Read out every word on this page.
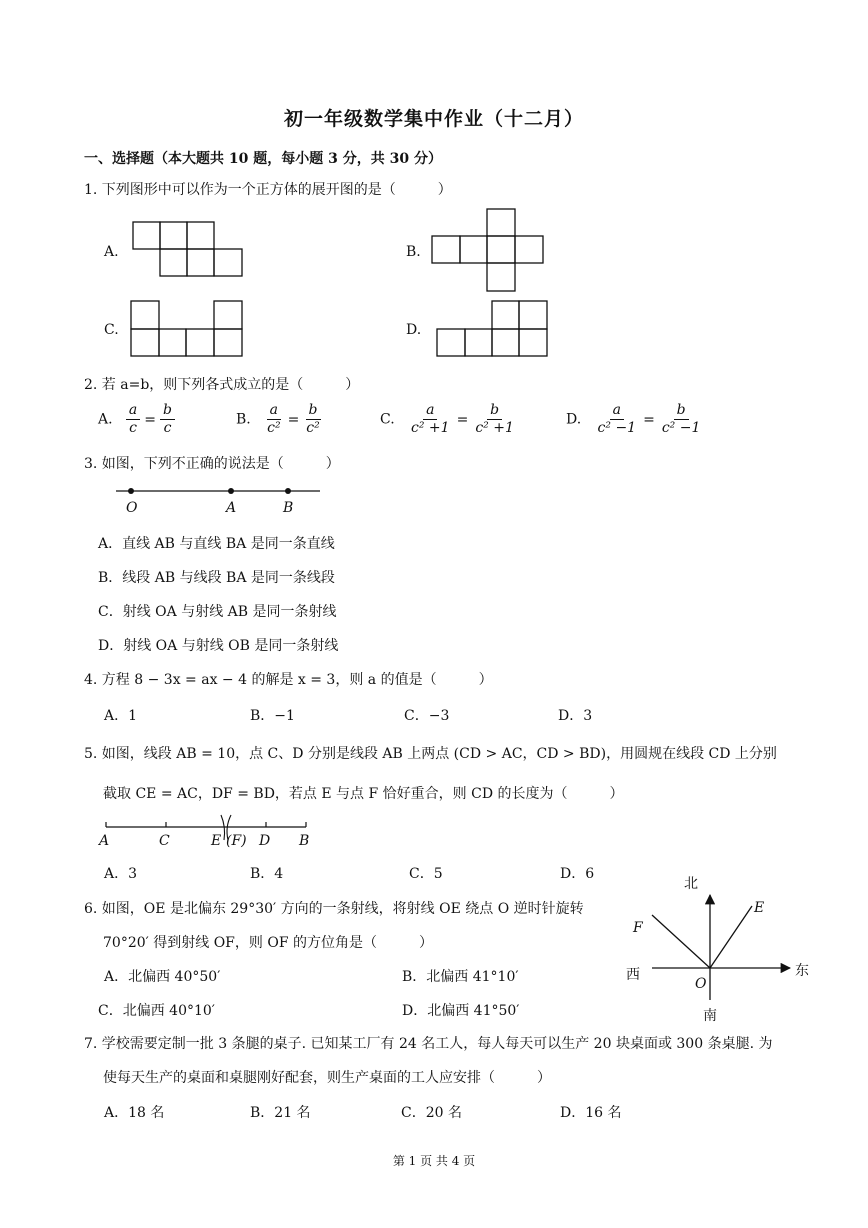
初一年级数学集中作业（十二月）
一、选择题（本大题共 10 题，每小题 3 分，共 30 分）
1. 下列图形中可以作为一个正方体的展开图的是（　　　）
A.	B.
C.	D.
2. 若 a=b，则下列各式成立的是（　　　）
A. $\frac{a}{c} = \frac{b}{c}$	B. $\frac{a}{\text{c²}} = \frac{b}{\text{c²}}$	C. $\frac{a}{\text{c² +1}} = \frac{b}{\text{c² +1}}$	D. $\frac{a}{\text{c² −1}} = \frac{b}{\text{c² −1}}$
3. 如图，下列不正确的说法是（　　　）
O	A	B
A．直线 AB 与直线 BA 是同一条直线
B．线段 AB 与线段 BA 是同一条线段
C．射线 OA 与射线 AB 是同一条射线
D．射线 OA 与射线 OB 是同一条射线
4. 方程 8 − 3x = ax − 4 的解是 x = 3，则 a 的值是（　　　）
A．1	B．−1	C．−3	D．3
5. 如图，线段 AB = 10，点 C、D 分别是线段 AB 上两点 (CD > AC，CD > BD)，用圆规在线段 CD 上分别
截取 CE = AC，DF = BD，若点 E 与点 F 恰好重合，则 CD 的长度为（　　　）
A	C	E (F) D B
A．3	B．4	C．5	D．6
6. 如图，OE 是北偏东 29°30′ 方向的一条射线，将射线 OE 绕点 O 逆时针旋转
70°20′ 得到射线 OF，则 OF 的方位角是（　　　）
A．北偏西 40°50′	B．北偏西 41°10′
C．北偏西 40°10′	D．北偏西 41°50′
北
南
东
西
E
F
O
7. 学校需要定制一批 3 条腿的桌子. 已知某工厂有 24 名工人，每人每天可以生产 20 块桌面或 300 条桌腿. 为
使每天生产的桌面和桌腿刚好配套，则生产桌面的工人应安排（　　　）
A．18 名	B．21 名	C．20 名	D．16 名
第 1 页 共 4 页
